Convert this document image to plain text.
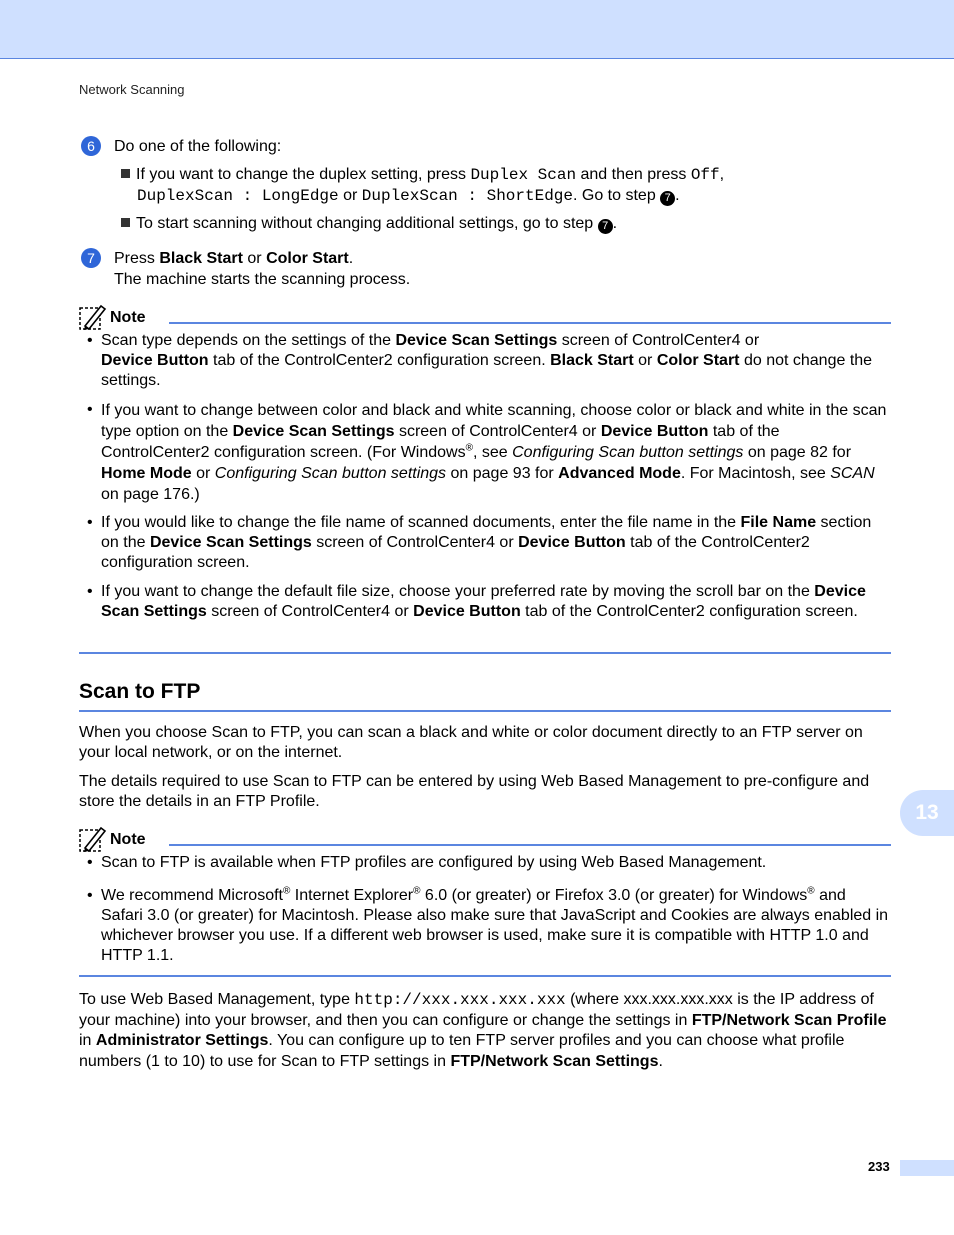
Network Scanning
6	Do one of the following:
If you want to change the duplex setting, press Duplex Scan and then press Off,
DuplexScan : LongEdge or DuplexScan : ShortEdge. Go to step 7 .
To start scanning without changing additional settings, go to step 7 .
7	Press Black Start or Color Start.
The machine starts the scanning process.
Note
• Scan type depends on the settings of the Device Scan Settings screen of ControlCenter4 or
Device Button tab of the ControlCenter2 configuration screen. Black Start or Color Start do not change the settings.
• If you want to change between color and black and white scanning, choose color or black and white in the scan type option on the Device Scan Settings screen of ControlCenter4 or Device Button tab of the ControlCenter2 configuration screen. (For Windows®, see Configuring Scan button settings on page 82 for Home Mode or Configuring Scan button settings on page 93 for Advanced Mode. For Macintosh, see SCAN on page 176.)
• If you would like to change the file name of scanned documents, enter the file name in the File Name section on the Device Scan Settings screen of ControlCenter4 or Device Button tab of the ControlCenter2 configuration screen.
• If you want to change the default file size, choose your preferred rate by moving the scroll bar on the Device Scan Settings screen of ControlCenter4 or Device Button tab of the ControlCenter2 configuration screen.
Scan to FTP
When you choose Scan to FTP, you can scan a black and white or color document directly to an FTP server on your local network, or on the internet.
The details required to use Scan to FTP can be entered by using Web Based Management to pre-configure and store the details in an FTP Profile.	13
Note
• Scan to FTP is available when FTP profiles are configured by using Web Based Management.
• We recommend Microsoft® Internet Explorer® 6.0 (or greater) or Firefox 3.0 (or greater) for Windows® and Safari 3.0 (or greater) for Macintosh. Please also make sure that JavaScript and Cookies are always enabled in whichever browser you use. If a different web browser is used, make sure it is compatible with HTTP 1.0 and HTTP 1.1.
To use Web Based Management, type http://xxx.xxx.xxx.xxx (where xxx.xxx.xxx.xxx is the IP address of your machine) into your browser, and then you can configure or change the settings in FTP/Network Scan Profile in Administrator Settings. You can configure up to ten FTP server profiles and you can choose what profile numbers (1 to 10) to use for Scan to FTP settings in FTP/Network Scan Settings.
233
